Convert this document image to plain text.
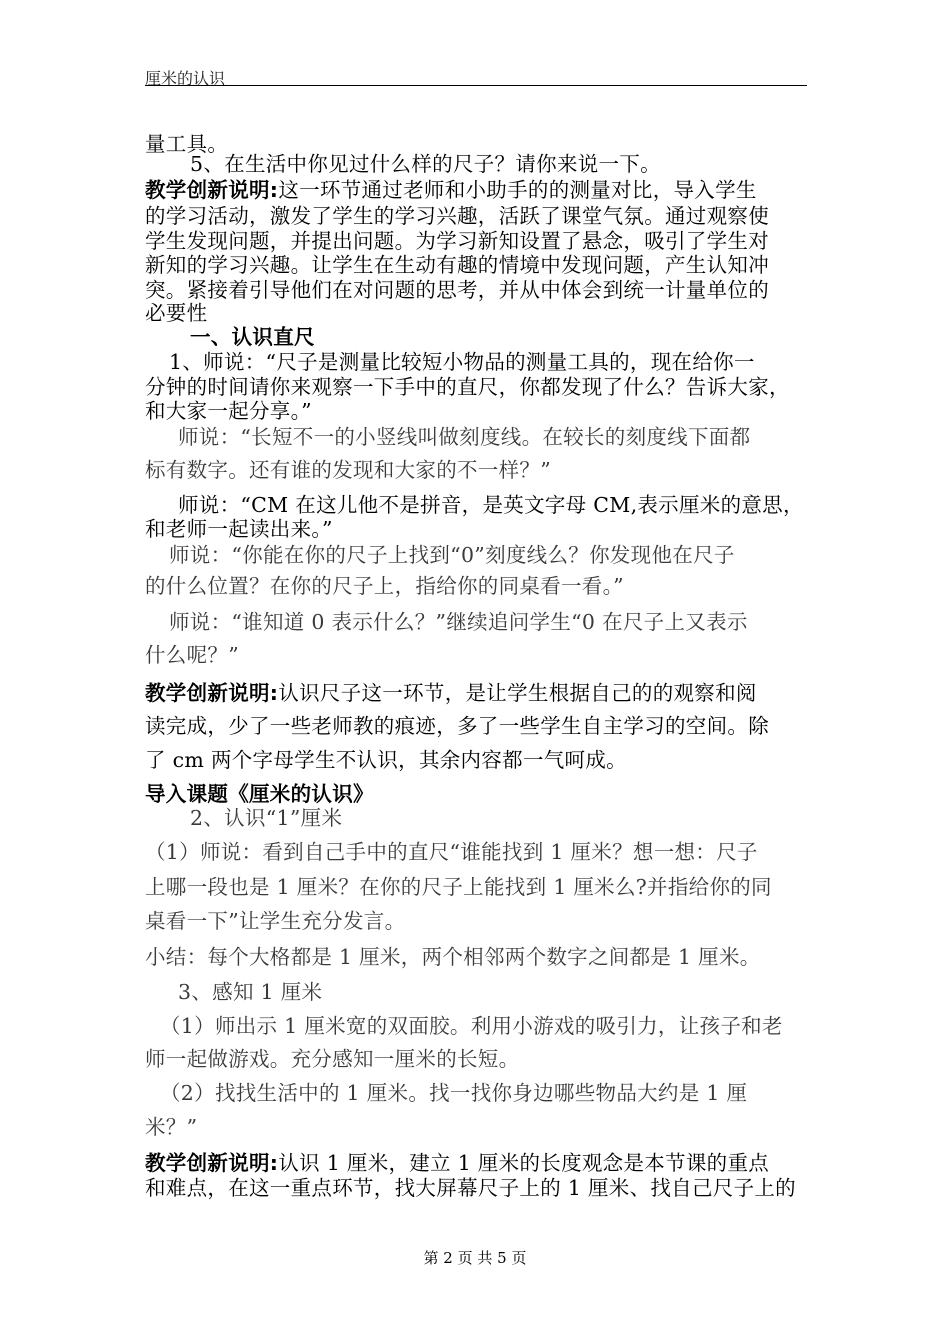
厘米的认识
量工具。
5、在生活中你见过什么样的尺子？请你来说一下。
教学创新说明:这一环节通过老师和小助手的的测量对比，导入学生
的学习活动，激发了学生的学习兴趣，活跃了课堂气氛。通过观察使
学生发现问题，并提出问题。为学习新知设置了悬念，吸引了学生对
新知的学习兴趣。让学生在生动有趣的情境中发现问题，产生认知冲
突。紧接着引导他们在对问题的思考，并从中体会到统一计量单位的
必要性
一、认识直尺
1、师说：“尺子是测量比较短小物品的测量工具的，现在给你一
分钟的时间请你来观察一下手中的直尺，你都发现了什么？告诉大家，
和大家一起分享。”
师说：“长短不一的小竖线叫做刻度线。在较长的刻度线下面都
标有数字。还有谁的发现和大家的不一样？”
师说：“CM 在这儿他不是拼音，是英文字母 CM,表示厘米的意思，
和老师一起读出来。”
师说：“你能在你的尺子上找到“0”刻度线么？你发现他在尺子
的什么位置？在你的尺子上，指给你的同桌看一看。”
师说：“谁知道 0 表示什么？”继续追问学生“0 在尺子上又表示
什么呢？”
教学创新说明:认识尺子这一环节，是让学生根据自己的的观察和阅
读完成，少了一些老师教的痕迹，多了一些学生自主学习的空间。除
了 cm 两个字母学生不认识，其余内容都一气呵成。
导入课题《厘米的认识》
2、认识“1”厘米
（1）师说：看到自己手中的直尺“谁能找到 1 厘米？想一想：尺子
上哪一段也是 1 厘米？在你的尺子上能找到 1 厘米么?并指给你的同
桌看一下”让学生充分发言。
小结：每个大格都是 1 厘米，两个相邻两个数字之间都是 1 厘米。
3、感知 1 厘米
（1）师出示 1 厘米宽的双面胶。利用小游戏的吸引力，让孩子和老
师一起做游戏。充分感知一厘米的长短。
（2）找找生活中的 1 厘米。找一找你身边哪些物品大约是 1 厘
米？”
教学创新说明:认识 1 厘米，建立 1 厘米的长度观念是本节课的重点
和难点，在这一重点环节，找大屏幕尺子上的 1 厘米、找自己尺子上的
第 2 页 共 5 页
